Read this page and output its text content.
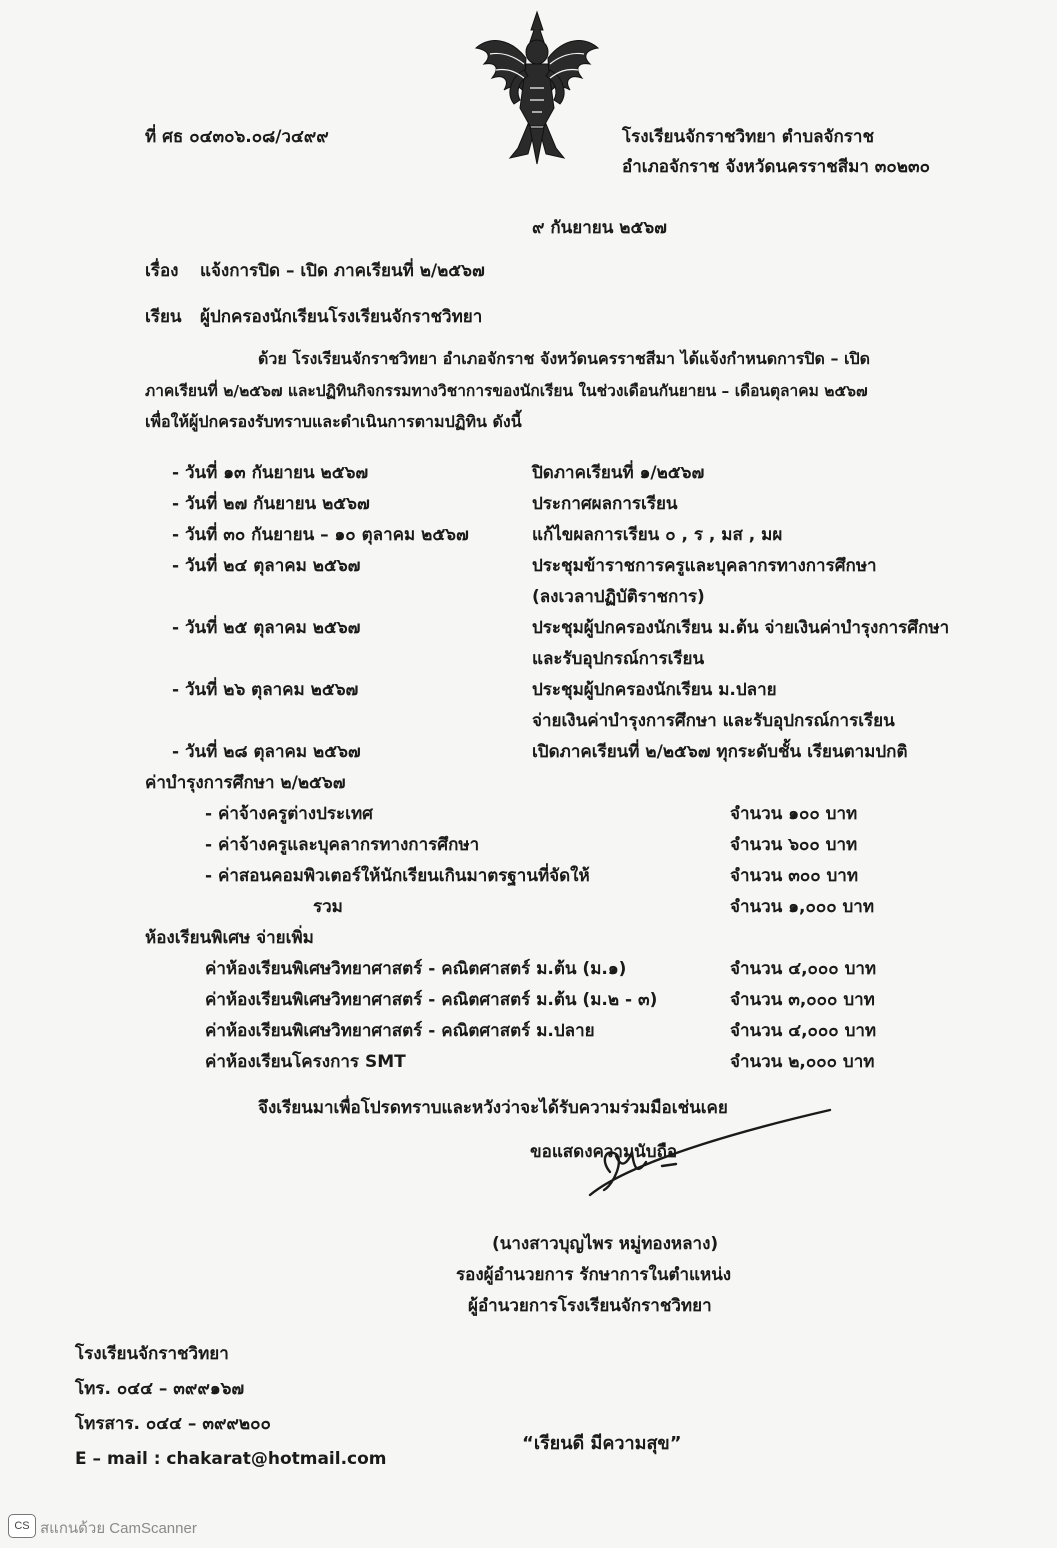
ที่ ศธ ๐๔๓๐๖.๐๘/ว๔๙๙	โรงเรียนจักราชวิทยา ตำบลจักราช
อำเภอจักราช จังหวัดนครราชสีมา ๓๐๒๓๐
๙ กันยายน ๒๕๖๗
เรื่อง แจ้งการปิด – เปิด ภาคเรียนที่ ๒/๒๕๖๗
เรียน ผู้ปกครองนักเรียนโรงเรียนจักราชวิทยา
ด้วย โรงเรียนจักราชวิทยา อำเภอจักราช จังหวัดนครราชสีมา ได้แจ้งกำหนดการปิด – เปิด
ภาคเรียนที่ ๒/๒๕๖๗ และปฏิทินกิจกรรมทางวิชาการของนักเรียน ในช่วงเดือนกันยายน – เดือนตุลาคม ๒๕๖๗
เพื่อให้ผู้ปกครองรับทราบและดำเนินการตามปฏิทิน ดังนี้
- วันที่ ๑๓ กันยายน ๒๕๖๗	ปิดภาคเรียนที่ ๑/๒๕๖๗
- วันที่ ๒๗ กันยายน ๒๕๖๗	ประกาศผลการเรียน
- วันที่ ๓๐ กันยายน – ๑๐ ตุลาคม ๒๕๖๗	แก้ไขผลการเรียน ๐ , ร , มส , มผ
- วันที่ ๒๔ ตุลาคม ๒๕๖๗	ประชุมข้าราชการครูและบุคลากรทางการศึกษา
(ลงเวลาปฏิบัติราชการ)
- วันที่ ๒๕ ตุลาคม ๒๕๖๗	ประชุมผู้ปกครองนักเรียน ม.ต้น จ่ายเงินค่าบำรุงการศึกษา
และรับอุปกรณ์การเรียน
- วันที่ ๒๖ ตุลาคม ๒๕๖๗	ประชุมผู้ปกครองนักเรียน ม.ปลาย
จ่ายเงินค่าบำรุงการศึกษา และรับอุปกรณ์การเรียน
- วันที่ ๒๘ ตุลาคม ๒๕๖๗	เปิดภาคเรียนที่ ๒/๒๕๖๗ ทุกระดับชั้น เรียนตามปกติ
ค่าบำรุงการศึกษา ๒/๒๕๖๗
- ค่าจ้างครูต่างประเทศ	จำนวน ๑๐๐ บาท
- ค่าจ้างครูและบุคลากรทางการศึกษา	จำนวน ๖๐๐ บาท
- ค่าสอนคอมพิวเตอร์ให้นักเรียนเกินมาตรฐานที่จัดให้	จำนวน ๓๐๐ บาท
รวม	จำนวน ๑,๐๐๐ บาท
ห้องเรียนพิเศษ จ่ายเพิ่ม
ค่าห้องเรียนพิเศษวิทยาศาสตร์ - คณิตศาสตร์ ม.ต้น (ม.๑)	จำนวน ๔,๐๐๐ บาท
ค่าห้องเรียนพิเศษวิทยาศาสตร์ - คณิตศาสตร์ ม.ต้น (ม.๒ - ๓)	จำนวน ๓,๐๐๐ บาท
ค่าห้องเรียนพิเศษวิทยาศาสตร์ - คณิตศาสตร์ ม.ปลาย	จำนวน ๔,๐๐๐ บาท
ค่าห้องเรียนโครงการ SMT	จำนวน ๒,๐๐๐ บาท
จึงเรียนมาเพื่อโปรดทราบและหวังว่าจะได้รับความร่วมมือเช่นเคย
ขอแสดงความนับถือ
(นางสาวบุญไพร หมู่ทองหลาง)
รองผู้อำนวยการ รักษาการในตำแหน่ง
ผู้อำนวยการโรงเรียนจักราชวิทยา
โรงเรียนจักราชวิทยา
โทร. ๐๔๔ – ๓๙๙๑๖๗
โทรสาร. ๐๔๔ – ๓๙๙๒๐๐
E – mail : chakarat@hotmail.com
“เรียนดี มีความสุข”
CS สแกนด้วย CamScanner
